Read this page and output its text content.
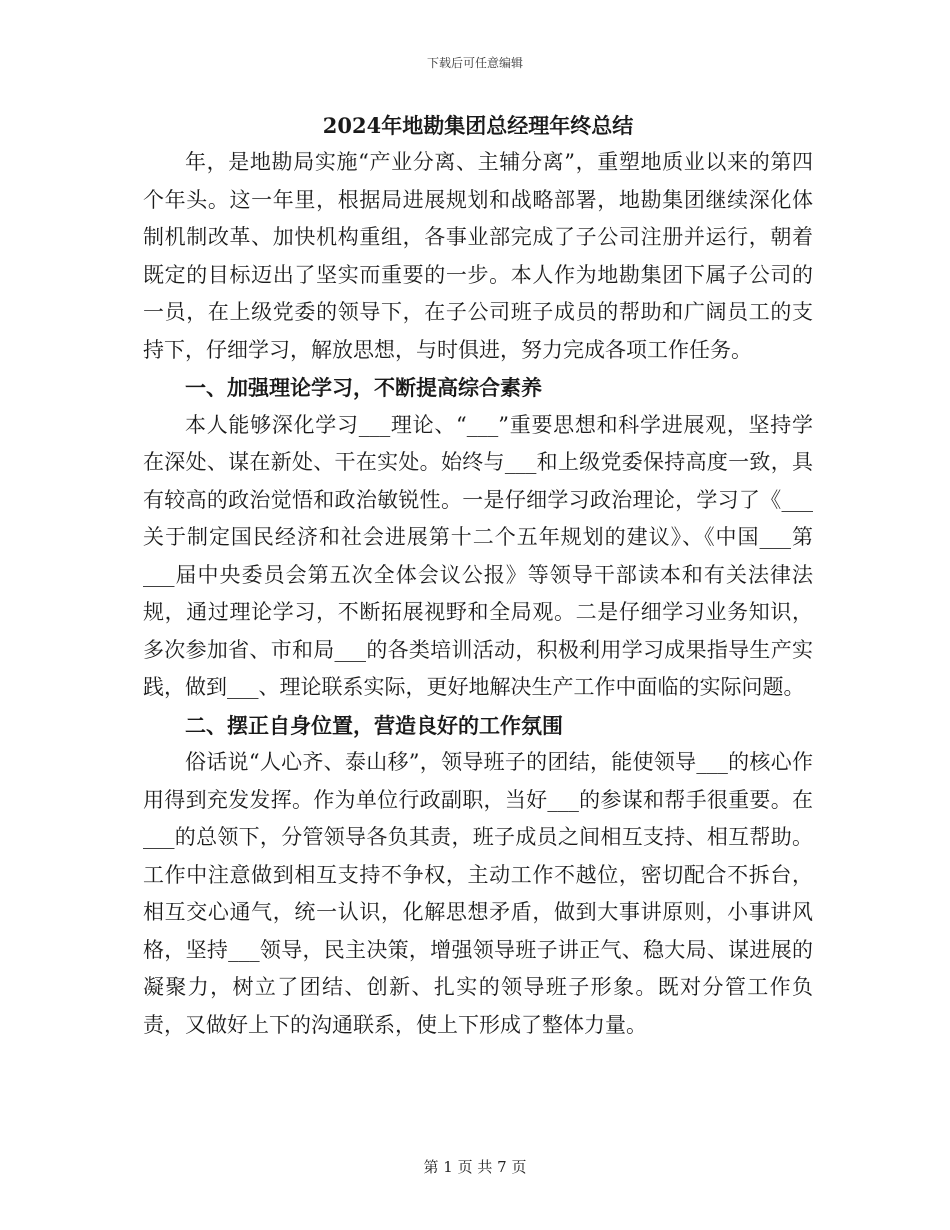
下载后可任意编辑
2024年地勘集团总经理年终总结

年，是地勘局实施“产业分离、主辅分离”，重塑地质业以来的第四个年头。这一年里，根据局进展规划和战略部署，地勘集团继续深化体制机制改革、加快机构重组，各事业部完成了子公司注册并运行，朝着既定的目标迈出了坚实而重要的一步。本人作为地勘集团下属子公司的一员，在上级党委的领导下，在子公司班子成员的帮助和广阔员工的支持下，仔细学习，解放思想，与时俱进，努力完成各项工作任务。

一、加强理论学习，不断提高综合素养

本人能够深化学习___理论、“___”重要思想和科学进展观，坚持学在深处、谋在新处、干在实处。始终与___和上级党委保持高度一致，具有较高的政治觉悟和政治敏锐性。一是仔细学习政治理论，学习了《___关于制定国民经济和社会进展第十二个五年规划的建议》、《中国___第___届中央委员会第五次全体会议公报》等领导干部读本和有关法律法规，通过理论学习，不断拓展视野和全局观。二是仔细学习业务知识，多次参加省、市和局___的各类培训活动，积极利用学习成果指导生产实践，做到___、理论联系实际，更好地解决生产工作中面临的实际问题。

二、摆正自身位置，营造良好的工作氛围

俗话说“人心齐、泰山移”，领导班子的团结，能使领导___的核心作用得到充发发挥。作为单位行政副职，当好___的参谋和帮手很重要。在___的总领下，分管领导各负其责，班子成员之间相互支持、相互帮助。工作中注意做到相互支持不争权，主动工作不越位，密切配合不拆台，相互交心通气，统一认识，化解思想矛盾，做到大事讲原则，小事讲风格，坚持___领导，民主决策，增强领导班子讲正气、稳大局、谋进展的凝聚力，树立了团结、创新、扎实的领导班子形象。既对分管工作负责，又做好上下的沟通联系，使上下形成了整体力量。

第 1 页 共 7 页
